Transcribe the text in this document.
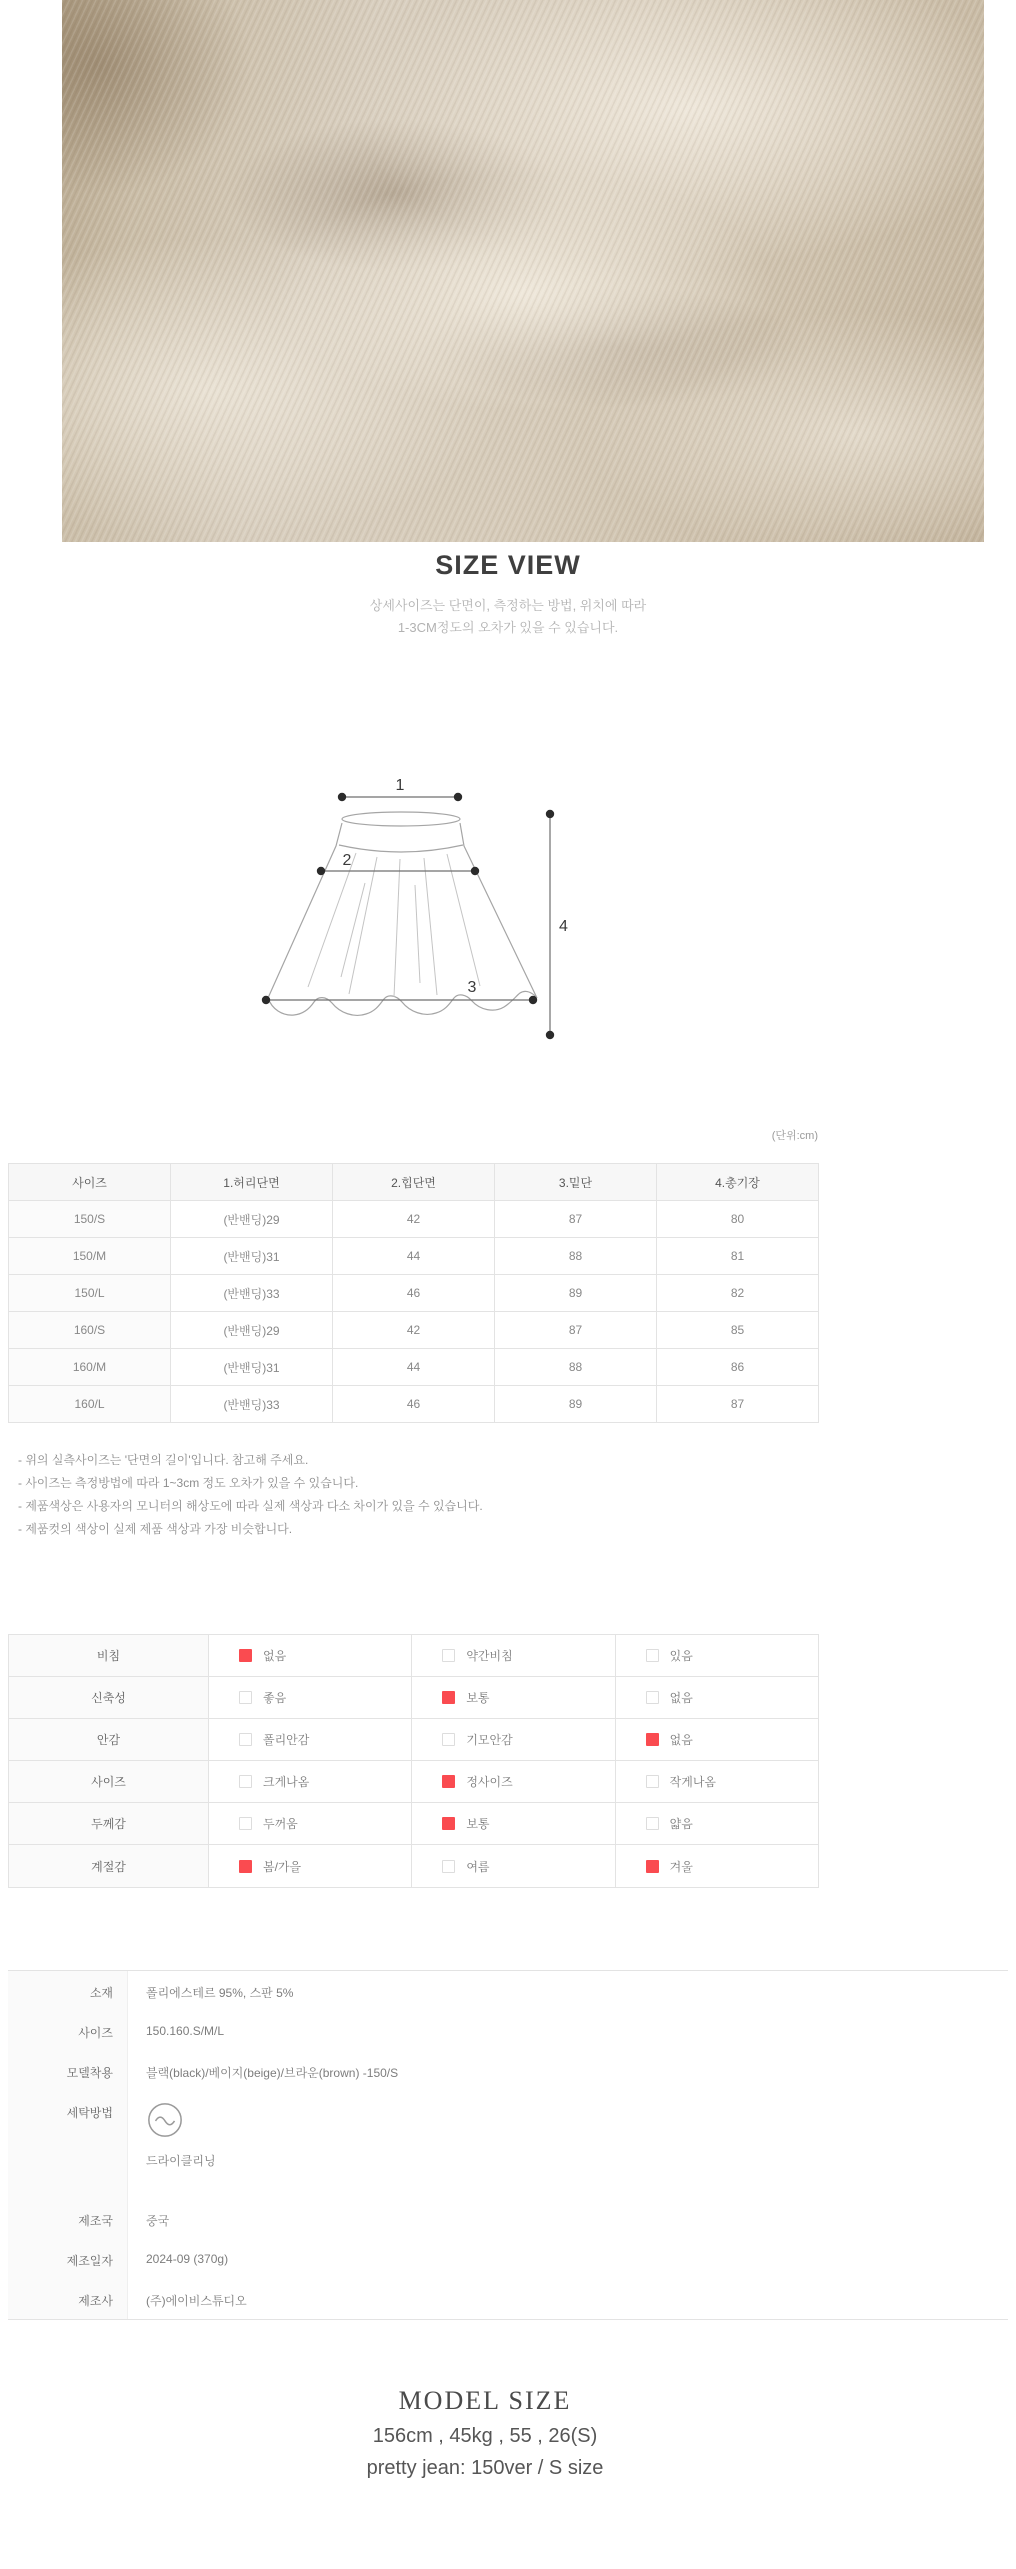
SIZE VIEW
상세사이즈는 단면이, 측정하는 방법, 위치에 따라
1-3CM정도의 오차가 있을 수 있습니다.
1
2
3
4
(단위:cm)
사이즈	1.허리단면	2.힙단면	3.밑단	4.총기장
150/S	(반밴딩)29	42	87	80
150/M	(반밴딩)31	44	88	81
150/L	(반밴딩)33	46	89	82
160/S	(반밴딩)29	42	87	85
160/M	(반밴딩)31	44	88	86
160/L	(반밴딩)33	46	89	87
- 위의 실측사이즈는 '단면의 길이'입니다. 참고해 주세요.
- 사이즈는 측정방법에 따라 1~3cm 정도 오차가 있을 수 있습니다.
- 제품색상은 사용자의 모니터의 해상도에 따라 실제 색상과 다소 차이가 있을 수 있습니다.
- 제품컷의 색상이 실제 제품 색상과 가장 비슷합니다.
비침	없음	약간비침	있음
신축성	좋음	보통	없음
안감	폴리안감	기모안감	없음
사이즈	크게나옴	정사이즈	작게나옴
두께감	두꺼움	보통	얇음
계절감	봄/가을	여름	겨울
소재	폴리에스테르 95%, 스판 5%
사이즈	150.160.S/M/L
모델착용	블랙(black)/베이지(beige)/브라운(brown) -150/S
세탁방법
드라이클리닝
제조국	중국
제조일자	2024-09 (370g)
제조사	(주)에이비스튜디오
MODEL SIZE
156cm , 45kg , 55 , 26(S)
pretty jean: 150ver / S size
